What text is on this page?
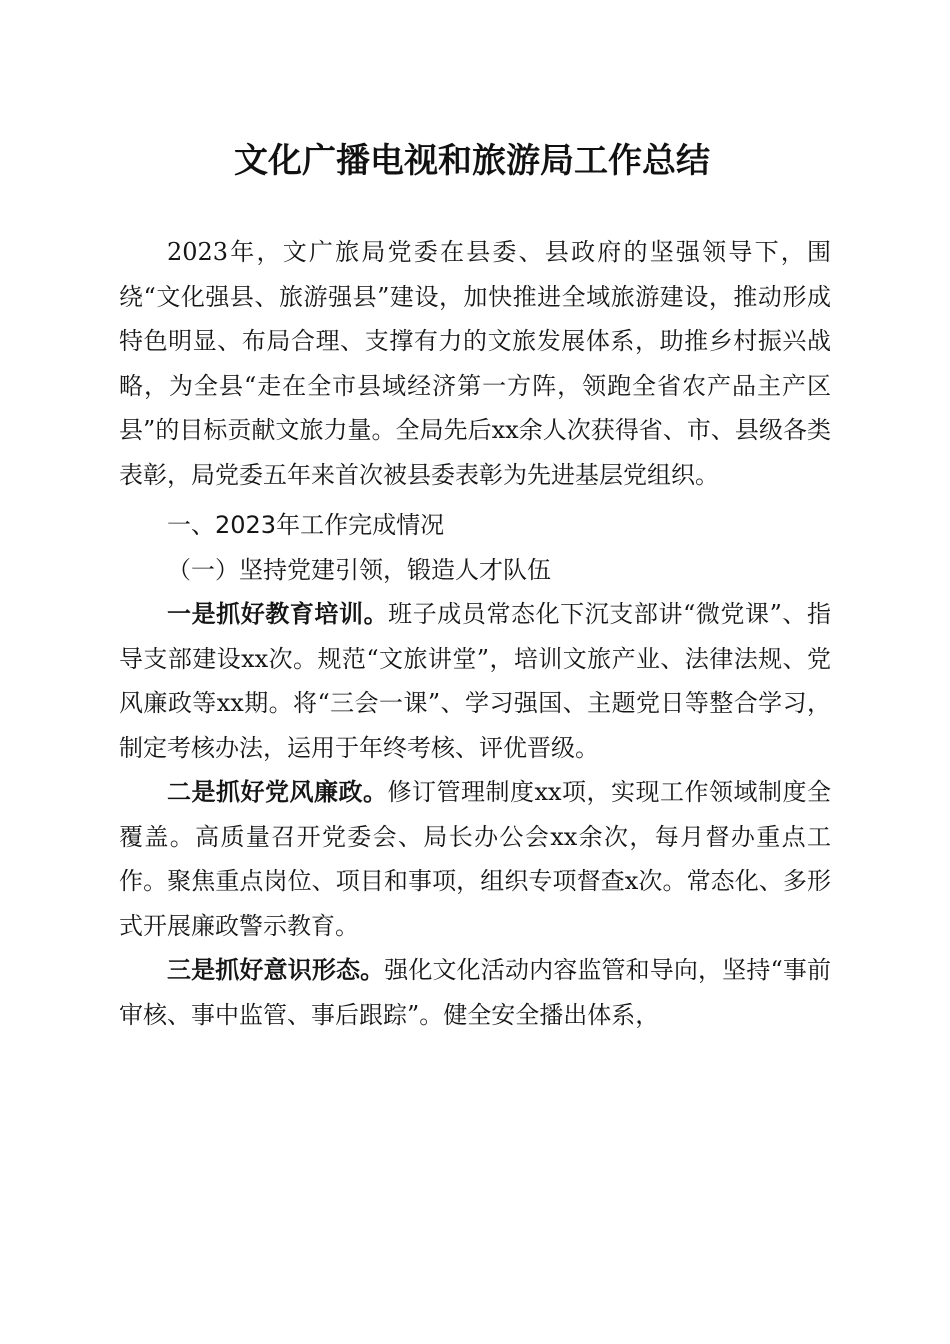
文化广播电视和旅游局工作总结

2023年，文广旅局党委在县委、县政府的坚强领导下，围绕“文化强县、旅游强县”建设，加快推进全域旅游建设，推动形成特色明显、布局合理、支撑有力的文旅发展体系，助推乡村振兴战略，为全县“走在全市县域经济第一方阵，领跑全省农产品主产区县”的目标贡献文旅力量。全局先后xx余人次获得省、市、县级各类表彰，局党委五年来首次被县委表彰为先进基层党组织。

一、2023年工作完成情况

（一）坚持党建引领，锻造人才队伍

一是抓好教育培训。班子成员常态化下沉支部讲“微党课”、指导支部建设xx次。规范“文旅讲堂”，培训文旅产业、法律法规、党风廉政等xx期。将“三会一课”、学习强国、主题党日等整合学习，制定考核办法，运用于年终考核、评优晋级。

二是抓好党风廉政。修订管理制度xx项，实现工作领域制度全覆盖。高质量召开党委会、局长办公会xx余次，每月督办重点工作。聚焦重点岗位、项目和事项，组织专项督查x次。常态化、多形式开展廉政警示教育。

三是抓好意识形态。强化文化活动内容监管和导向，坚持“事前审核、事中监管、事后跟踪”。健全安全播出体系，
